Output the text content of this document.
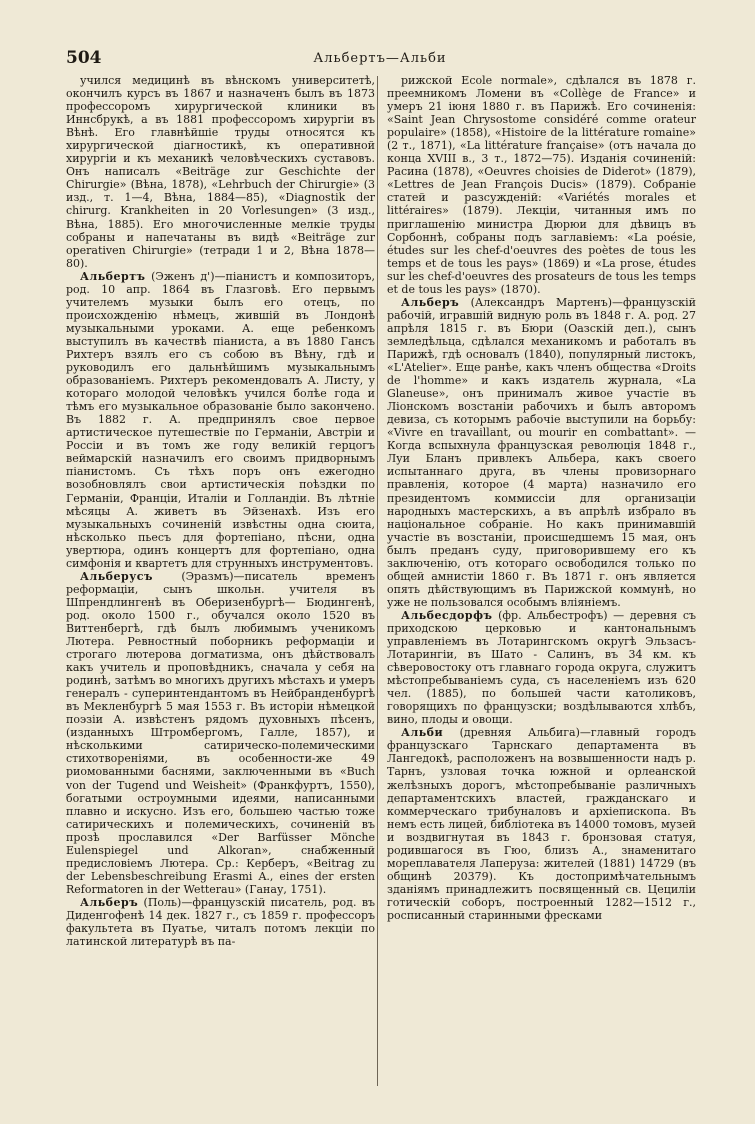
504	Альбертъ—Альби

учился медицинѣ въ вѣнскомъ университетѣ, окончилъ курсъ въ 1867 и назначенъ былъ въ 1873 профессоромъ хирургической клиники въ Иннсбрукѣ, а въ 1881 профессоромъ хирургіи въ Вѣнѣ. Его главнѣйшіе труды относятся къ хирургической діагностикѣ, къ оперативной хирургіи и къ механикѣ человѣческихъ суставовъ. Онъ написалъ «Beiträge zur Geschichte der Chirurgie» (Вѣна, 1878), «Lehrbuch der Chirurgie» (3 изд., т. 1—4, Вѣна, 1884—85), «Diagnostik der chirurg. Krankheiten in 20 Vorlesungen» (3 изд., Вѣна, 1885). Его многочисленные мелкіе труды собраны и напечатаны въ видѣ «Beiträge zur operativen Chirurgie» (тетради 1 и 2, Вѣна 1878—80).

Альбертъ (Эженъ д')—піанистъ и композиторъ, род. 10 апр. 1864 въ Глазговѣ. Его первымъ учителемъ музыки былъ его отецъ, по происхожденію нѣмецъ, жившій въ Лондонѣ музыкальными уроками. А. еще ребенкомъ выступилъ въ качествѣ піаниста, а въ 1880 Гансъ Рихтеръ взялъ его съ собою въ Вѣну, гдѣ и руководилъ его дальнѣйшимъ музыкальнымъ образованіемъ. Рихтеръ рекомендовалъ А. Листу, у котораго молодой человѣкъ учился болѣе года и тѣмъ его музыкальное образованіе было закончено. Въ 1882 г. А. предпринялъ свое первое артистическое путешествіе по Германіи, Австріи и Россіи и въ томъ же году великій герцогъ веймарскій назначилъ его своимъ придворнымъ піанистомъ. Съ тѣхъ поръ онъ ежегодно возобновлялъ свои артистическія поѣздки по Германіи, Франціи, Италіи и Голландіи. Въ лѣтніе мѣсяцы А. живетъ въ Эйзенахѣ. Изъ его музыкальныхъ сочиненій извѣстны одна сюита, нѣсколько пьесъ для фортепіано, пѣсни, одна увертюра, одинъ концертъ для фортепіано, одна симфонія и квартетъ для струнныхъ инструментовъ.

Альберусъ	(Эразмъ)—писатель временъ реформаціи, сынъ школьн. учителя въ Шпрендлингенѣ въ Оберизенбургѣ— Бюдингенѣ, род. около 1500 г., обучался около 1520 въ Виттенбергѣ, гдѣ былъ любимымъ ученикомъ Лютера. Ревностный поборникъ реформаціи и строгаго лютерова догматизма, онъ дѣйствовалъ какъ учитель и проповѣдникъ, сначала у себя на родинѣ, затѣмъ во многихъ другихъ мѣстахъ и умеръ генералъ - суперинтендантомъ въ Нейбранденбургѣ въ Мекленбургѣ 5 мая 1553 г. Въ исторіи нѣмецкой поэзіи А. извѣстенъ рядомъ духовныхъ пѣсенъ, (изданныхъ Штромбергомъ, Галле, 1857), и нѣсколькими сатирическо-полемическими стихотвореніями, въ особенности-же 49 риомованными баснями, заключенными въ «Buch von der Tugend und Weisheit» (Франкфуртъ, 1550), богатыми остроумными идеями, написанными плавно и искусно. Изъ его, большею частью тоже сатирическихъ и полемическихъ, сочиненій въ прозѣ прославился «Der Barfüsser Mönche Eulenspiegel und Alkoran», снабженный предисловіемъ Лютера. Ср.: Керберъ, «Beitrag zu der Lebensbeschreibung Erasmi A., eines der ersten Reformatoren in der Wetterau» (Ганау, 1751).

Альберъ (Поль)—французскій писатель, род. въ Диденгофенѣ 14 дек. 1827 г., съ 1859 г. профессоръ факультета въ Пуатье, читалъ потомъ лекціи по латинской литературѣ въ па-

рижской Ecole normale», сдѣлался въ 1878 г. преемникомъ Ломени въ «Collège de France» и умеръ 21 іюня 1880 г. въ Парижѣ. Его сочиненія: «Saint Jean Chrysostome considéré comme orateur populaire» (1858), «Histoire de la littérature romaine» (2 т., 1871), «La littérature française» (отъ начала до конца XVIII в., 3 т., 1872—75). Изданія сочиненій: Расина (1878), «Oeuvres choisies de Diderot» (1879), «Lettres de Jean François Ducis» (1879). Собраніе статей и разсужденій: «Variétés morales et littéraires» (1879). Лекціи, читанныя имъ по приглашенію министра Дюрюи для дѣвицъ въ Сорбоннѣ, собраны подъ заглавіемъ: «La poésie, études sur les chef-d'oeuvres des poètes de tous les temps et de tous les pays» (1869) и «La prose, études sur les chef-d'oeuvres des prosateurs de tous les temps et de tous les pays» (1870).

Альберъ (Александръ Мартенъ)—французскій рабочій, игравшій видную роль въ 1848 г. А. род. 27 апрѣля 1815 г. въ Бюри (Оазскій деп.), сынъ земледѣльца, сдѣлался механикомъ и работалъ въ Парижѣ, гдѣ основалъ (1840), популярный листокъ, «L'Atelier». Еще ранѣе, какъ членъ общества «Droits de l'homme» и какъ издатель журнала, «La Glaneuse», онъ принималъ живое участіе въ Ліонскомъ возстаніи рабочихъ и былъ авторомъ девиза, съ которымъ рабочіе выступили на борьбу: «Vivre en travaillant, ou mourir en combattant». —Когда вспыхнула французская революція 1848 г., Луи Бланъ привлекъ Альбера, какъ своего испытаннаго друга, въ члены провизорнаго правленія, которое (4 марта) назначило его президентомъ коммиссіи для организаціи народныхъ мастерскихъ, а въ апрѣлѣ избрало въ національное собраніе. Но какъ принимавшій участіе въ возстаніи, происшедшемъ 15 мая, онъ былъ преданъ суду, приговорившему его къ заключенію, отъ котораго освободился только по общей амнистіи 1860 г. Въ 1871 г. онъ является опять дѣйствующимъ въ Парижской коммунѣ, но уже не пользовался особымъ вліяніемъ.

Альбесдорфъ (фр. Альбестрофъ) — деревня съ приходскою церковью и кантональнымъ управленіемъ въ Лотарингскомъ округѣ Эльзасъ-Лотарингіи, въ Шато - Салинъ, въ 34 км. къ сѣверовостоку отъ главнаго города округа, служитъ мѣстопребываніемъ суда, съ населеніемъ изъ 620 чел. (1885), по большей части католиковъ, говорящихъ по французски; воздѣлываются хлѣбъ, вино, плоды и овощи.

Альби (древняя Альбига)—главный городъ французскаго Тарнскаго департамента въ Лангедокѣ, расположенъ на возвышенности надъ р. Тарнъ, узловая точка южной и орлеанской желѣзныхъ дорогъ, мѣстопребываніе различныхъ департаментскихъ властей, гражданскаго и коммерческаго трибуналовъ и архіепископа. Въ немъ есть лицей, библіотека въ 14000 томовъ, музей и воздвигнутая въ 1843 г. бронзовая статуя, родившагося въ Гюо, близъ А., знаменитаго мореплавателя Лаперуза: жителей (1881) 14729 (въ общинѣ 20379). Къ достопримѣчательнымъ зданіямъ принадлежитъ посвященный св. Цециліи готическій соборъ, построенный 1282—1512 г., росписанный старинными фресками
